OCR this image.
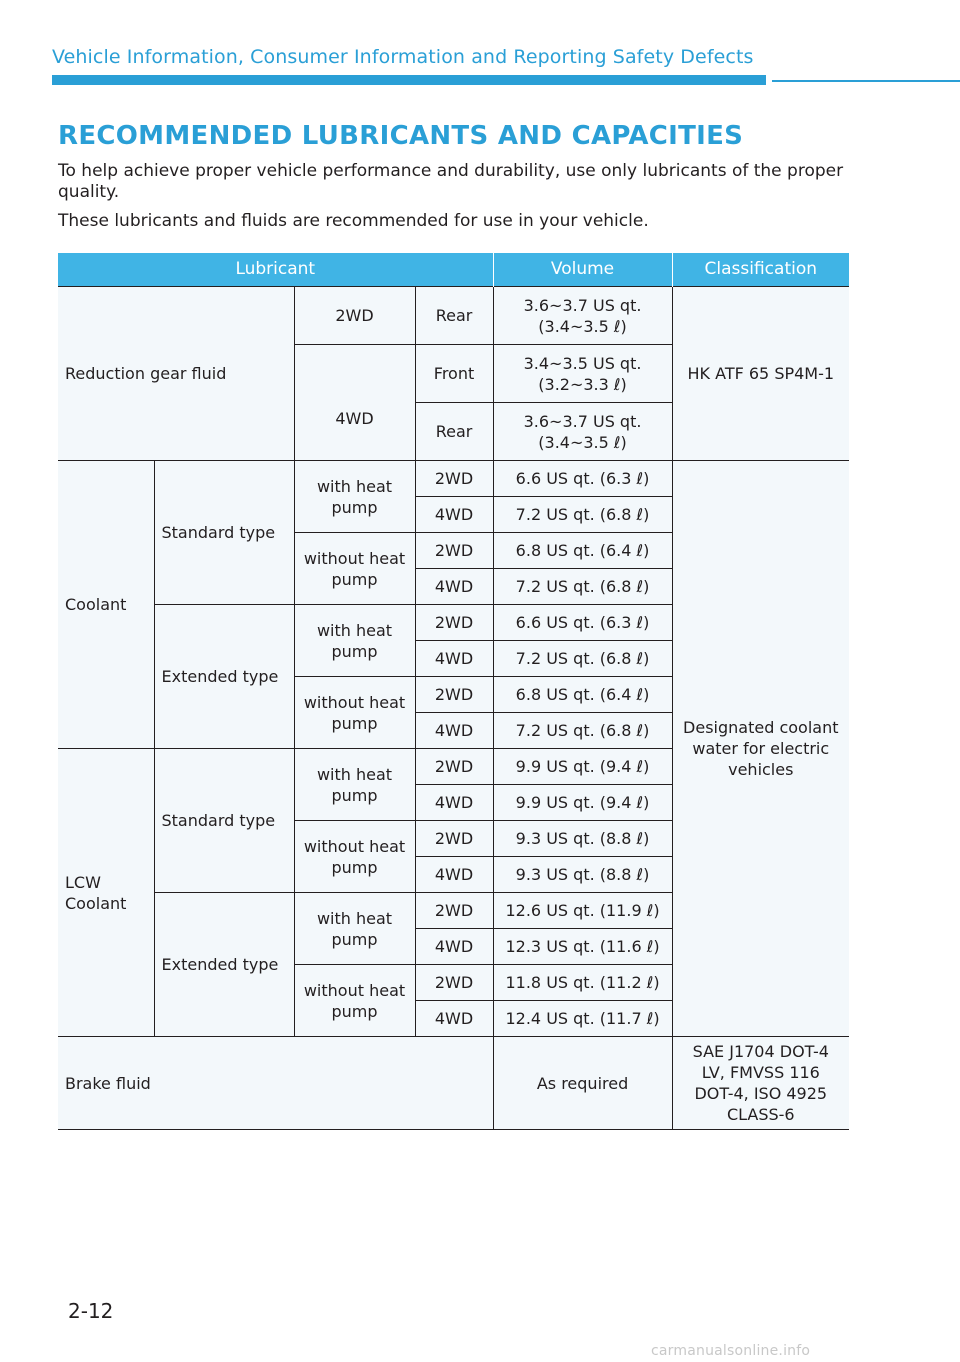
Vehicle Information, Consumer Information and Reporting Safety Defects
RECOMMENDED LUBRICANTS AND CAPACITIES

To help achieve proper vehicle performance and durability, use only lubricants of the proper quality.

These lubricants and fluids are recommended for use in your vehicle.

Lubricant				Volume	Classification
Reduction gear fluid		2WD	Rear	3.6~3.7 US qt. (3.4~3.5 ℓ)	HK ATF 65 SP4M-1
		4WD	Front	3.4~3.5 US qt. (3.2~3.3 ℓ)	
			Rear	3.6~3.7 US qt. (3.4~3.5 ℓ)	
Coolant	Standard type	with heat pump	2WD	6.6 US qt. (6.3 ℓ)	Designated coolant water for electric vehicles
			4WD	7.2 US qt. (6.8 ℓ)	
		without heat pump	2WD	6.8 US qt. (6.4 ℓ)	
			4WD	7.2 US qt. (6.8 ℓ)	
	Extended type	with heat pump	2WD	6.6 US qt. (6.3 ℓ)	
			4WD	7.2 US qt. (6.8 ℓ)	
		without heat pump	2WD	6.8 US qt. (6.4 ℓ)	
			4WD	7.2 US qt. (6.8 ℓ)	
LCW Coolant	Standard type	with heat pump	2WD	9.9 US qt. (9.4 ℓ)	
			4WD	9.9 US qt. (9.4 ℓ)	
		without heat pump	2WD	9.3 US qt. (8.8 ℓ)	
			4WD	9.3 US qt. (8.8 ℓ)	
	Extended type	with heat pump	2WD	12.6 US qt. (11.9 ℓ)	
			4WD	12.3 US qt. (11.6 ℓ)	
		without heat pump	2WD	11.8 US qt. (11.2 ℓ)	
			4WD	12.4 US qt. (11.7 ℓ)	
Brake fluid				As required	SAE J1704 DOT-4 LV, FMVSS 116 DOT-4, ISO 4925 CLASS-6
2-12
carmanualsonline.info
